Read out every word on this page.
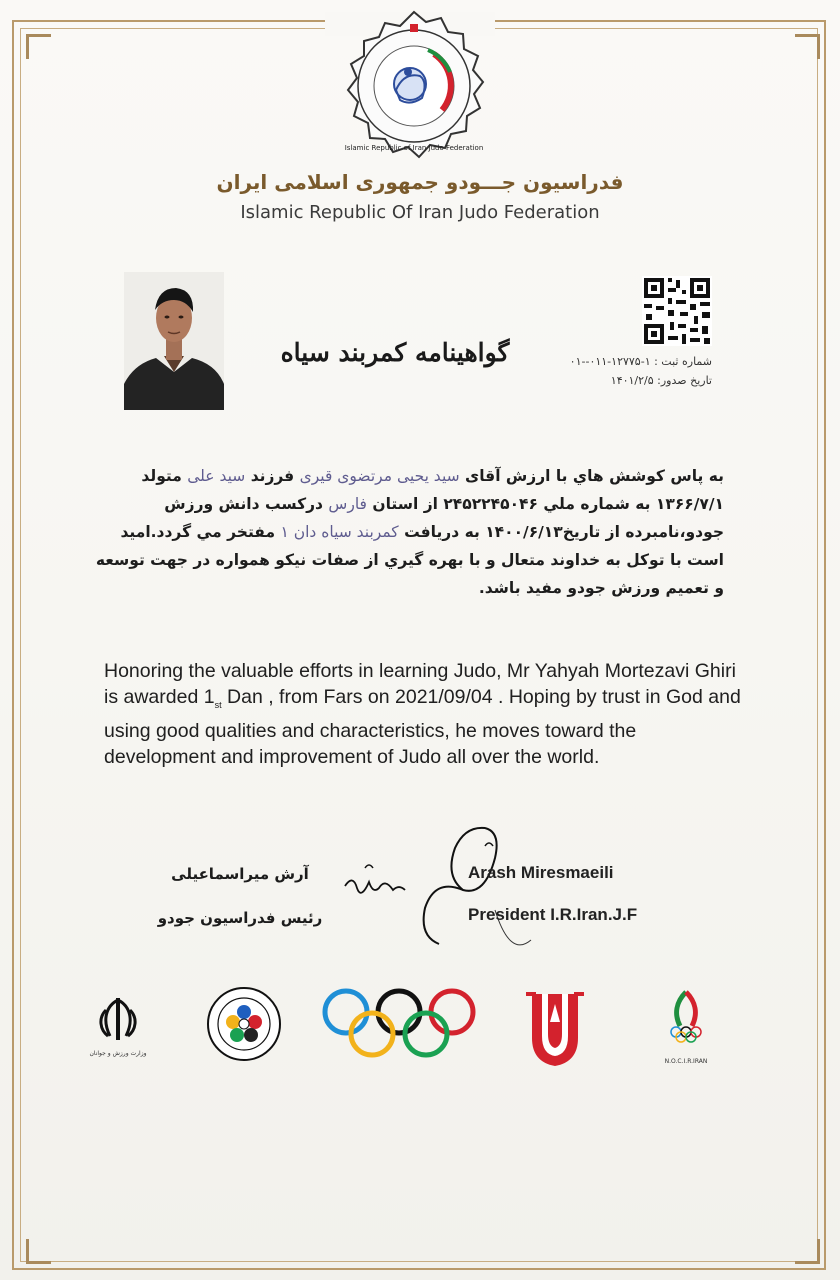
Islamic Republic of Iran Judo Federation
فدراسیون جـــودو جمهوری اسلامی ایران
Islamic Republic Of Iran Judo Federation
گواهینامه کمربند سیاه	شماره ثبت : ۱-۱۲۷۷۵-۰۱۱--۰۱
تاریخ صدور: ۱۴۰۱/۲/۵
به پاس کوشش هاي با ارزش آقای سید یحیی مرتضوی قیری فرزند سید علی متولد ۱۳۶۶/۷/۱ به شماره ملي ۲۴۵۲۲۴۵۰۴۶ از استان فارس درکسب دانش ورزش جودو،نامبرده از تاریخ۱۴۰۰/۶/۱۳ به دریافت کمربند سیاه دان ۱ مفتخر مي گردد.امید است با توکل به خداوند متعال و با بهره گيري از صفات نیکو همواره در جهت توسعه و تعمیم ورزش جودو مفید باشد.
Honoring the valuable efforts in learning Judo, Mr Yahyah Mortezavi Ghiri is awarded $1_{st}$ Dan , from Fars on 2021/09/04 . Hoping by trust in God and using good qualities and characteristics, he moves toward the development and improvement of Judo all over the world.
آرش میراسماعیلی
رئیس فدراسیون جودو
Arash Miresmaeili
President I.R.Iran.J.F
وزارت ورزش و جوانان
N.O.C.I.R.IRAN
